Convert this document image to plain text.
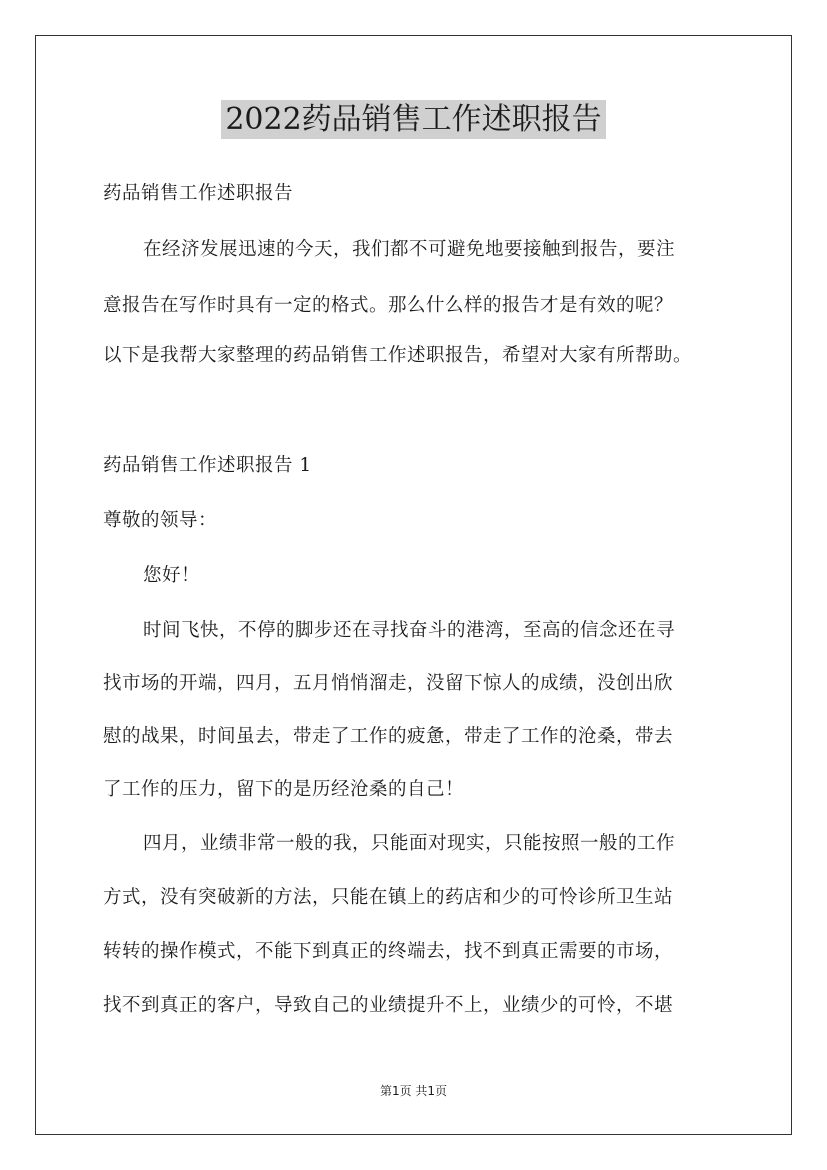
2022药品销售工作述职报告
药品销售工作述职报告
在经济发展迅速的今天，我们都不可避免地要接触到报告，要注
意报告在写作时具有一定的格式。那么什么样的报告才是有效的呢？
以下是我帮大家整理的药品销售工作述职报告，希望对大家有所帮助。
药品销售工作述职报告 1
尊敬的领导：
您好！
时间飞快，不停的脚步还在寻找奋斗的港湾，至高的信念还在寻
找市场的开端，四月，五月悄悄溜走，没留下惊人的成绩，没创出欣
慰的战果，时间虽去，带走了工作的疲惫，带走了工作的沧桑，带去
了工作的压力，留下的是历经沧桑的自己！
四月，业绩非常一般的我，只能面对现实，只能按照一般的工作
方式，没有突破新的方法，只能在镇上的药店和少的可怜诊所卫生站
转转的操作模式，不能下到真正的终端去，找不到真正需要的市场，
找不到真正的客户，导致自己的业绩提升不上，业绩少的可怜，不堪
第1页 共1页
